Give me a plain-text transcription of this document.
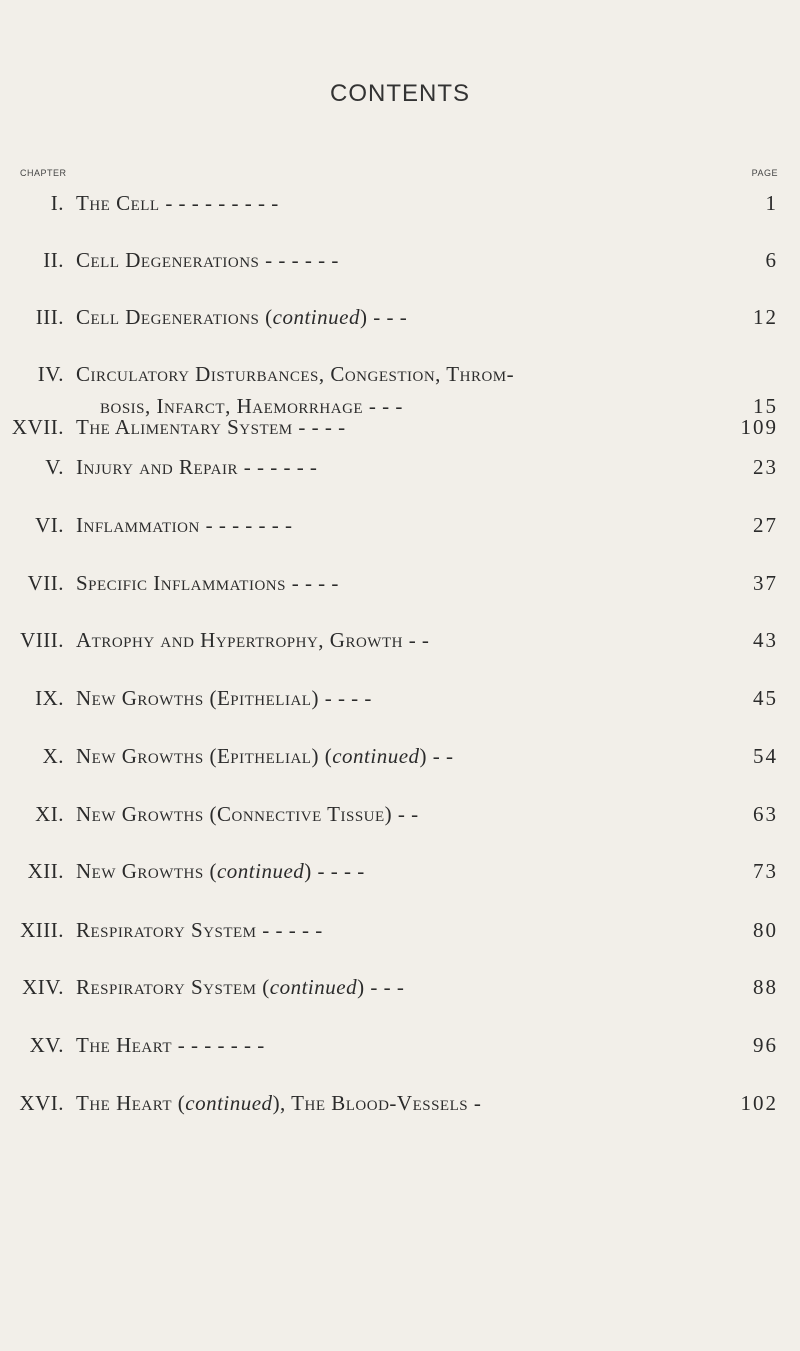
CONTENTS
CHAPTER	PAGE
I. The Cell - - - - - - - - -	1
II. Cell Degenerations - - - - - -	6
III. Cell Degenerations (continued) - - -	12
IV. Circulatory Disturbances, Congestion, Throm-
bosis, Infarct, Haemorrhage - - -	15
V. Injury and Repair - - - - - -	23
VI. Inflammation - - - - - - -	27
VII. Specific Inflammations - - - -	37
VIII. Atrophy and Hypertrophy, Growth - -	43
IX. New Growths (Epithelial) - - - -	45
X. New Growths (Epithelial) (continued) - -	54
XI. New Growths (Connective Tissue) - -	63
XII. New Growths (continued) - - - -	73
XIII. Respiratory System - - - - -	80
XIV. Respiratory System (continued) - - -	88
XV. The Heart - - - - - - -	96
XVI. The Heart (continued), The Blood-Vessels -	102
XVII. The Alimentary System - - - -	109
